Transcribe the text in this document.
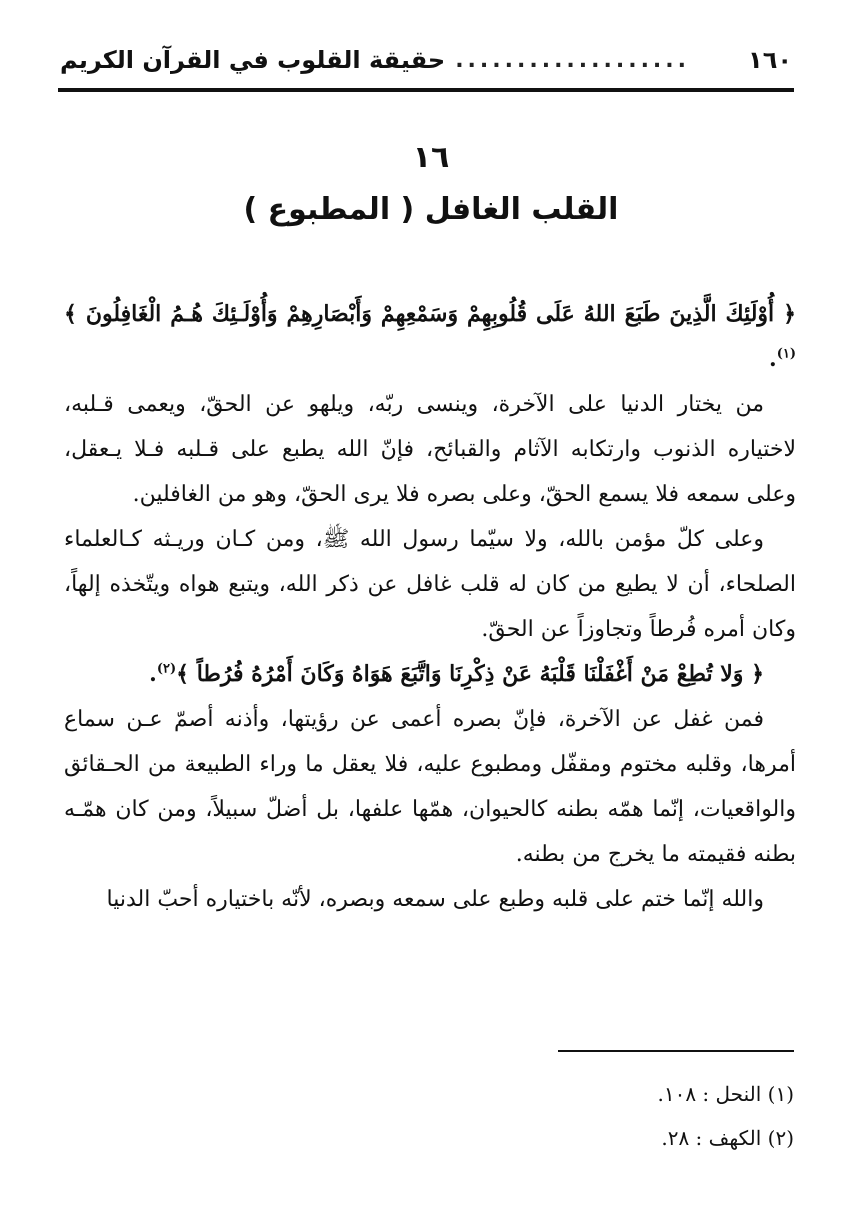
١٦٠
...................
حقيقة القلوب في القرآن الكريم
١٦
القلب الغافل ( المطبوع )

﴿ أُوْلَئِكَ الَّذِينَ طَبَعَ اللهُ عَلَى قُلُوبِهِمْ وَسَمْعِهِمْ وَأَبْصَارِهِمْ وَأُوْلَـئِكَ هُـمُ الْغَافِلُونَ ﴾$^{(١)}$.

من يختار الدنيا على الآخرة، وينسى ربّه، ويلهو عن الحقّ، ويعمى قـلبه، لاختياره الذنوب وارتكابه الآثام والقبائح، فإنّ الله يطبع على قـلبه فـلا يـعقل، وعلى سمعه فلا يسمع الحقّ، وعلى بصره فلا يرى الحقّ، وهو من الغافلين.

وعلى كلّ مؤمن بالله، ولا سيّما رسول الله ﷺ، ومن كـان وريـثه كـالعلماء الصلحاء، أن لا يطيع من كان له قلب غافل عن ذكر الله، ويتبع هواه ويتّخذه إلهاً، وكان أمره فُرطاً وتجاوزاً عن الحقّ.

﴿ وَلا تُطِعْ مَنْ أَغْفَلْنَا قَلْبَهُ عَنْ ذِكْرِنَا وَاتَّبَعَ هَوَاهُ وَكَانَ أَمْرُهُ فُرُطاً ﴾$^{(٢)}$.

فمن غفل عن الآخرة، فإنّ بصره أعمى عن رؤيتها، وأذنه أصمّ عـن سماع أمرها، وقلبه مختوم ومقفّل ومطبوع عليه، فلا يعقل ما وراء الطبيعة من الحـقائق والواقعيات، إنّما همّه بطنه كالحيوان، همّها علفها، بل أضلّ سبيلاً، ومن كان همّـه بطنه فقيمته ما يخرج من بطنه.

والله إنّما ختم على قلبه وطبع على سمعه وبصره، لأنّه باختياره أحبّ الدنيا

(١) النحل : ١٠٨.
(٢) الكهف : ٢٨.
